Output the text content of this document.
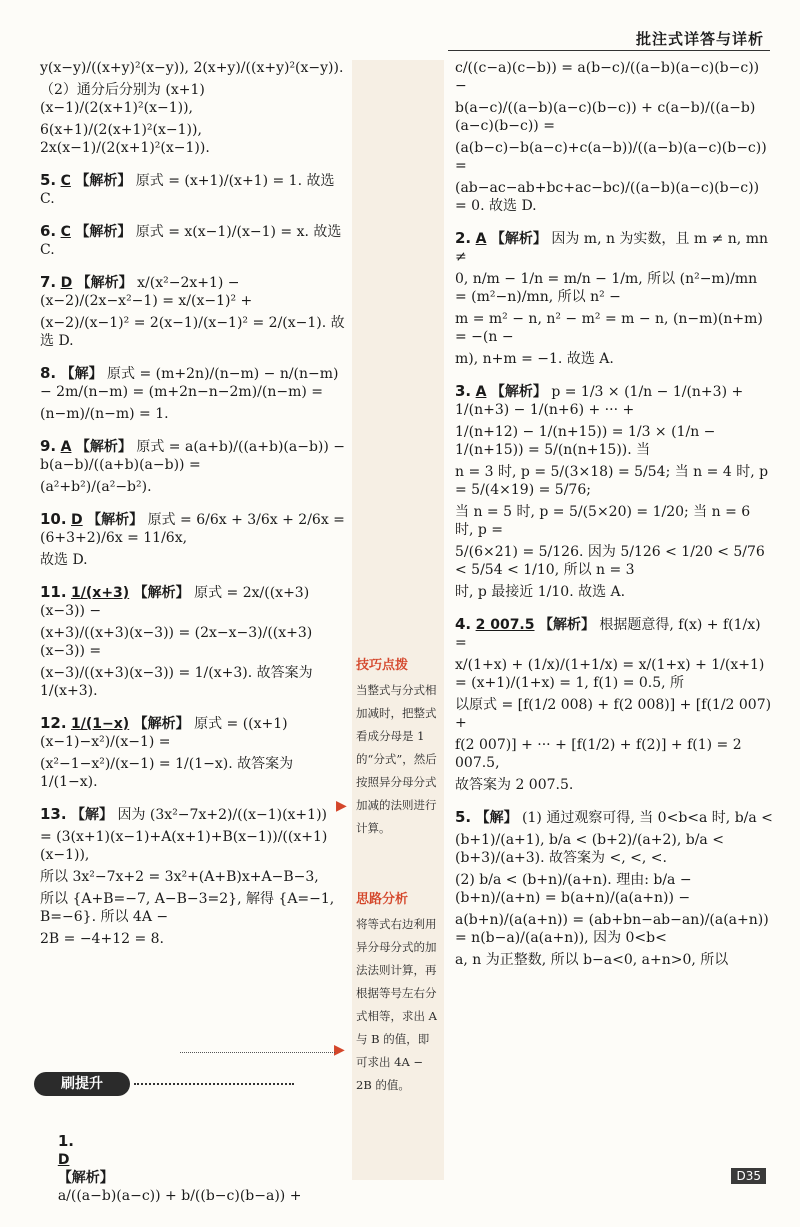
批注式详答与详析
y(x−y)/((x+y)²(x−y)), 2(x+y)/((x+y)²(x−y)).
（2）通分后分别为 (x+1)(x−1)/(2(x+1)²(x−1)),
6(x+1)/(2(x+1)²(x−1)), 2x(x−1)/(2(x+1)²(x−1)).
5. C 【解析】 原式 = (x+1)/(x+1) = 1. 故选 C.
6. C 【解析】 原式 = x(x−1)/(x−1) = x. 故选 C.
7. D 【解析】 x/(x²−2x+1) − (x−2)/(2x−x²−1) = x/(x−1)² +
(x−2)/(x−1)² = 2(x−1)/(x−1)² = 2/(x−1). 故选 D.
8. 【解】 原式 = (m+2n)/(n−m) − n/(n−m) − 2m/(n−m) = (m+2n−n−2m)/(n−m) =
(n−m)/(n−m) = 1.
9. A 【解析】 原式 = a(a+b)/((a+b)(a−b)) − b(a−b)/((a+b)(a−b)) =
(a²+b²)/(a²−b²).
10. D 【解析】 原式 = 6/6x + 3/6x + 2/6x = (6+3+2)/6x = 11/6x,
故选 D.
11. 1/(x+3) 【解析】 原式 = 2x/((x+3)(x−3)) −
(x+3)/((x+3)(x−3)) = (2x−x−3)/((x+3)(x−3)) =
(x−3)/((x+3)(x−3)) = 1/(x+3). 故答案为 1/(x+3).
12. 1/(1−x) 【解析】 原式 = ((x+1)(x−1)−x²)/(x−1) =
(x²−1−x²)/(x−1) = 1/(1−x). 故答案为 1/(1−x).
13. 【解】 因为 (3x²−7x+2)/((x−1)(x+1))
= (3(x+1)(x−1)+A(x+1)+B(x−1))/((x+1)(x−1)),
所以 3x²−7x+2 = 3x²+(A+B)x+A−B−3,
所以 {A+B=−7, A−B−3=2}, 解得 {A=−1, B=−6}. 所以 4A −
2B = −4+12 = 8.
c/((c−a)(c−b)) = a(b−c)/((a−b)(a−c)(b−c)) −
b(a−c)/((a−b)(a−c)(b−c)) + c(a−b)/((a−b)(a−c)(b−c)) =
(a(b−c)−b(a−c)+c(a−b))/((a−b)(a−c)(b−c)) =
(ab−ac−ab+bc+ac−bc)/((a−b)(a−c)(b−c)) = 0. 故选 D.
2. A 【解析】 因为 m, n 为实数，且 m ≠ n, mn ≠
0, n/m − 1/n = m/n − 1/m, 所以 (n²−m)/mn = (m²−n)/mn, 所以 n² −
m = m² − n, n² − m² = m − n, (n−m)(n+m) = −(n −
m), n+m = −1. 故选 A.
3. A 【解析】 p = 1/3 × (1/n − 1/(n+3) + 1/(n+3) − 1/(n+6) + ··· +
1/(n+12) − 1/(n+15)) = 1/3 × (1/n − 1/(n+15)) = 5/(n(n+15)). 当
n = 3 时, p = 5/(3×18) = 5/54; 当 n = 4 时, p = 5/(4×19) = 5/76;
当 n = 5 时, p = 5/(5×20) = 1/20; 当 n = 6 时, p =
5/(6×21) = 5/126. 因为 5/126 < 1/20 < 5/76 < 5/54 < 1/10, 所以 n = 3
时, p 最接近 1/10. 故选 A.
4. 2 007.5 【解析】 根据题意得, f(x) + f(1/x) =
x/(1+x) + (1/x)/(1+1/x) = x/(1+x) + 1/(x+1) = (x+1)/(1+x) = 1, f(1) = 0.5, 所
以原式 = [f(1/2 008) + f(2 008)] + [f(1/2 007) +
f(2 007)] + ··· + [f(1/2) + f(2)] + f(1) = 2 007.5,
故答案为 2 007.5.
5. 【解】 (1) 通过观察可得, 当 0<b<a 时, b/a <
(b+1)/(a+1), b/a < (b+2)/(a+2), b/a < (b+3)/(a+3). 故答案为 <, <, <.
(2) b/a < (b+n)/(a+n). 理由: b/a − (b+n)/(a+n) = b(a+n)/(a(a+n)) −
a(b+n)/(a(a+n)) = (ab+bn−ab−an)/(a(a+n)) = n(b−a)/(a(a+n)), 因为 0<b<
a, n 为正整数, 所以 b−a<0, a+n>0, 所以
技巧点拨
当整式与分式相加减时，把整式看成分母是 1 的“分式”，然后按照异分母分式加减的法则进行计算。
思路分析
将等式右边利用异分母分式的加法法则计算，再根据等号左右分式相等，求出 A 与 B 的值，即可求出 4A − 2B 的值。
▶
▶
刷提升

1.
D
【解析】
a/((a−b)(a−c)) + b/((b−c)(b−a)) +

D35
